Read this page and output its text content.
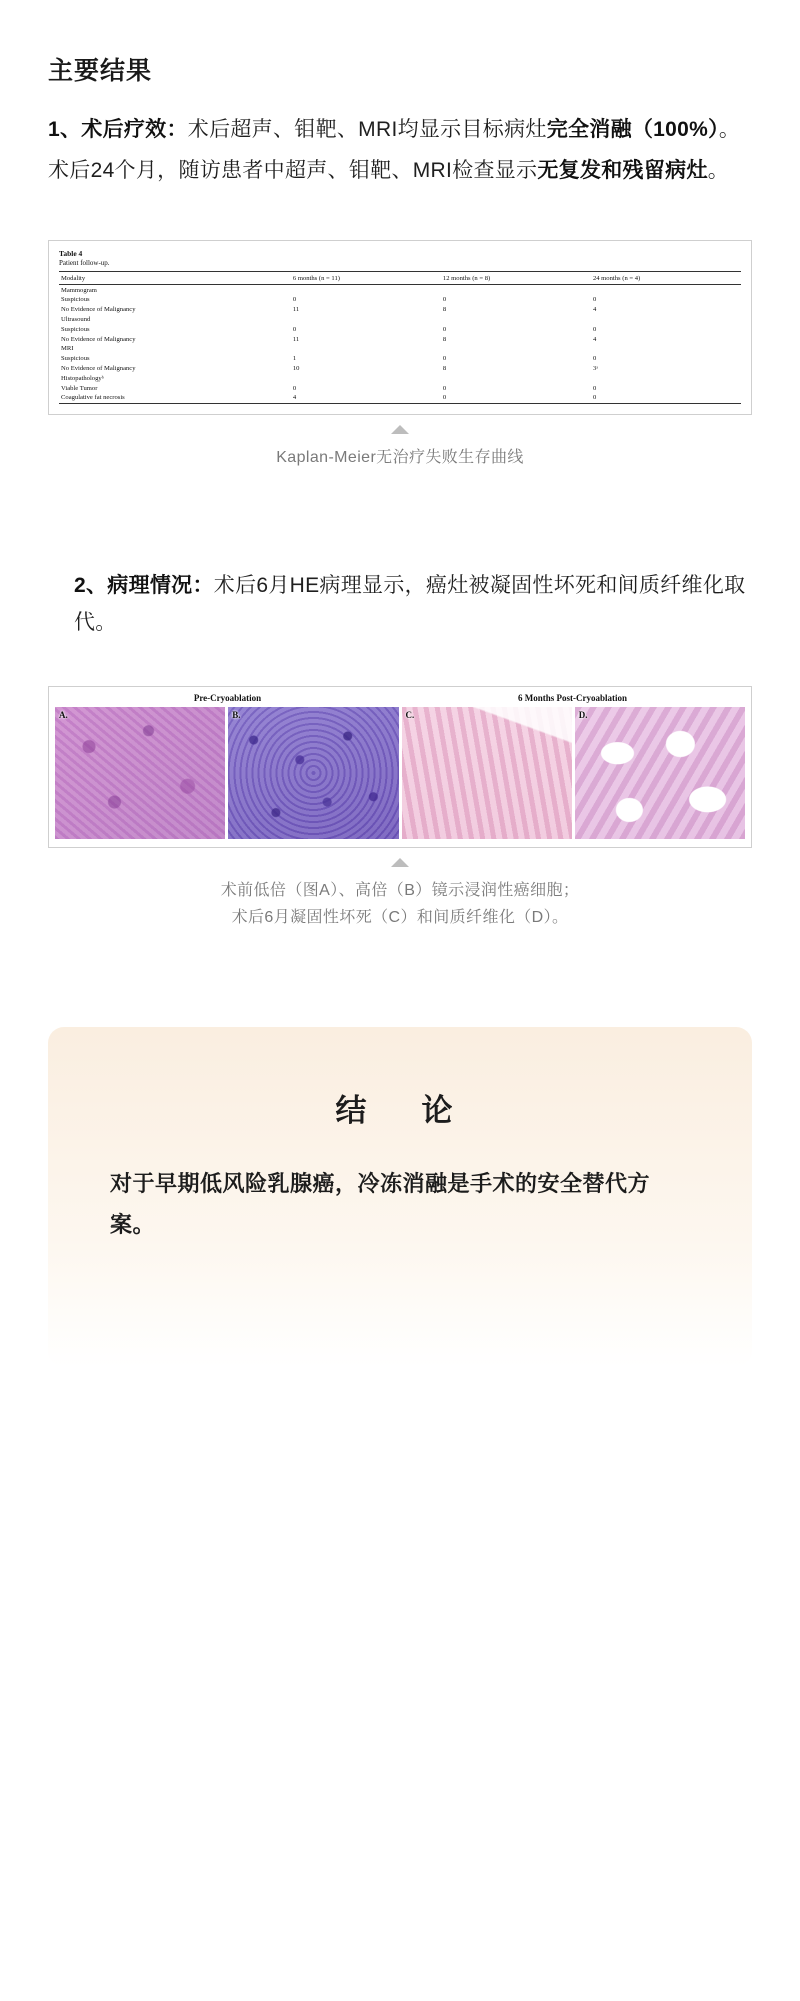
主要结果

1、术后疗效：术后超声、钼靶、MRI均显示目标病灶完全消融（100%）。

术后24个月，随访患者中超声、钼靶、MRI检查显示无复发和残留病灶。

Table 4
Patient follow-up.
Modality	6 months (n = 11)	12 months (n = 8)	24 months (n = 4)
Mammogram			
Suspicious	0	0	0
No Evidence of Malignancy	11	8	4
Ultrasound			
Suspicious	0	0	0
No Evidence of Malignancy	11	8	4
MRI			
Suspicious	1	0	0
No Evidence of Malignancy	10	8	3ᵃ
Histopathologyᵇ			
Viable Tumor	0	0	0
Coagulative fat necrosis	4	0	0
Kaplan-Meier无治疗失败生存曲线

2、病理情况：术后6月HE病理显示，癌灶被凝固性坏死和间质纤维化取代。

Pre-Cryoablation	6 Months Post-Cryoablation
A.	B.	C.	D.
术前低倍（图A）、高倍（B）镜示浸润性癌细胞；
术后6月凝固性坏死（C）和间质纤维化（D）。
结　论
对于早期低风险乳腺癌，冷冻消融是手术的安全替代方案。
